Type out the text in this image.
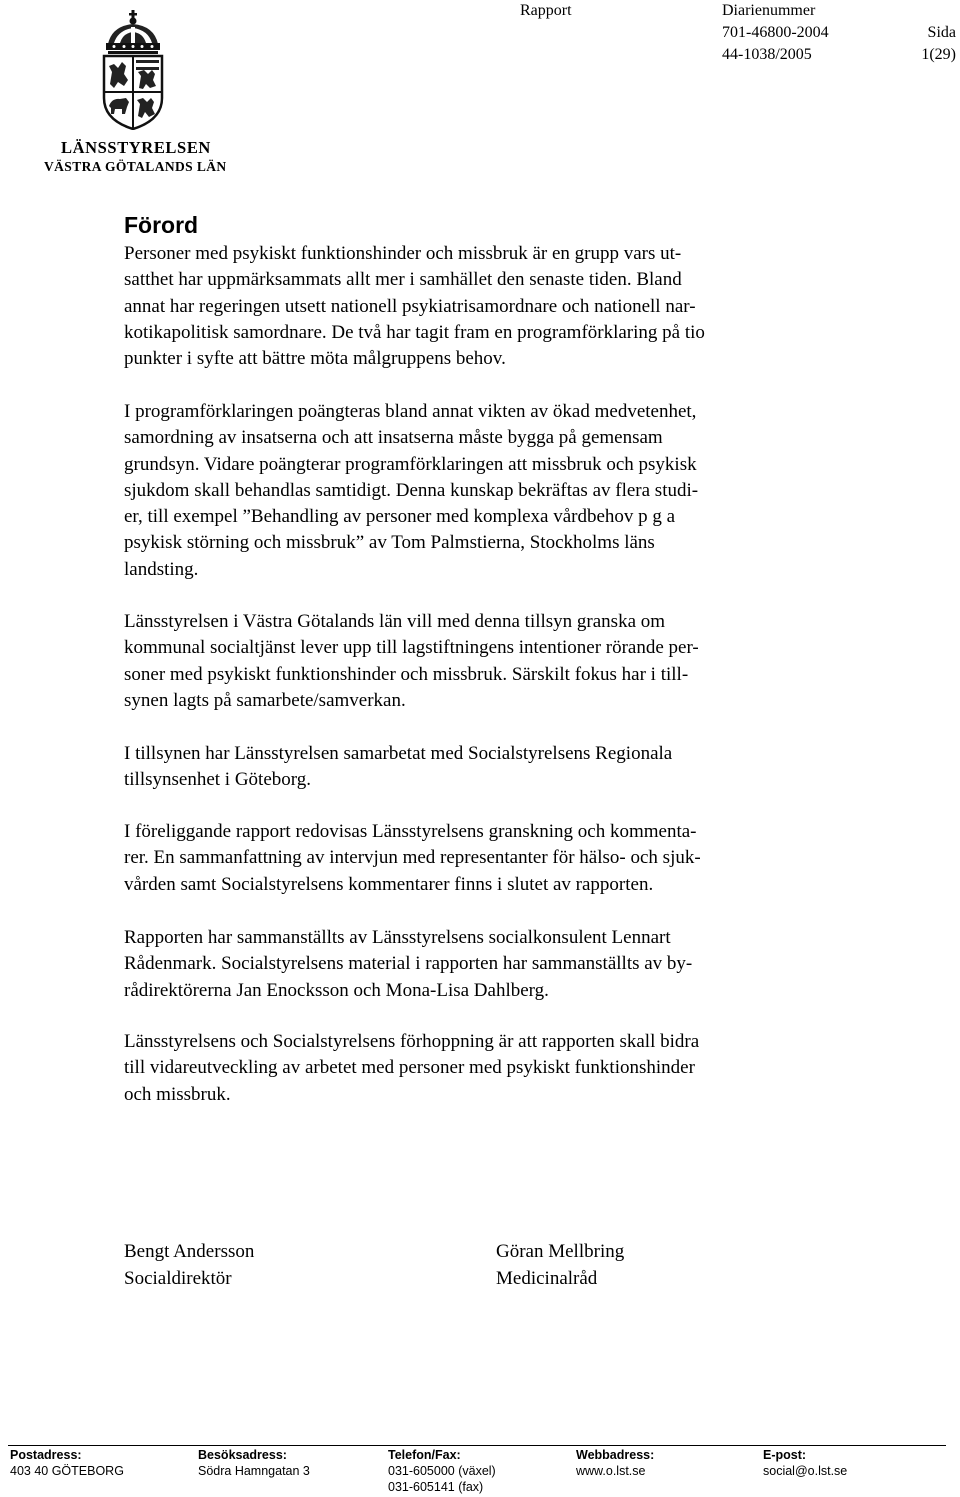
LÄNSSTYRELSEN
VÄSTRA GÖTALANDS LÄN
Rapport	Diarienummer
701-46800-2004
44-1038/2005
Sida
1(29)
Förord
Personer med psykiskt funktionshinder och missbruk är en grupp vars ut-
satthet har uppmärksammats allt mer i samhället den senaste tiden. Bland
annat har regeringen utsett nationell psykiatrisamordnare och nationell nar-
kotikapolitisk samordnare. De två har tagit fram en programförklaring på tio
punkter i syfte att bättre möta målgruppens behov.
I programförklaringen poängteras bland annat vikten av ökad medvetenhet,
samordning av insatserna och att insatserna måste bygga på gemensam
grundsyn. Vidare poängterar programförklaringen att missbruk och psykisk
sjukdom skall behandlas samtidigt. Denna kunskap bekräftas av flera studi-
er, till exempel ”Behandling av personer med komplexa vårdbehov p g a
psykisk störning och missbruk” av Tom Palmstierna, Stockholms läns
landsting.
Länsstyrelsen i Västra Götalands län vill med denna tillsyn granska om
kommunal socialtjänst lever upp till lagstiftningens intentioner rörande per-
soner med psykiskt funktionshinder och missbruk. Särskilt fokus har i till-
synen lagts på samarbete/samverkan.
I tillsynen har Länsstyrelsen samarbetat med Socialstyrelsens Regionala
tillsynsenhet i Göteborg.
I föreliggande rapport redovisas Länsstyrelsens granskning och kommenta-
rer. En sammanfattning av intervjun med representanter för hälso- och sjuk-
vården samt Socialstyrelsens kommentarer finns i slutet av rapporten.
Rapporten har sammanställts av Länsstyrelsens socialkonsulent Lennart
Rådenmark. Socialstyrelsens material i rapporten har sammanställts av by-
rådirektörerna Jan Enocksson och Mona-Lisa Dahlberg.
Länsstyrelsens och Socialstyrelsens förhoppning är att rapporten skall bidra
till vidareutveckling av arbetet med personer med psykiskt funktionshinder
och missbruk.
Bengt Andersson
Socialdirektör
Göran Mellbring
Medicinalråd
Postadress:
403 40 GÖTEBORG
Besöksadress:
Södra Hamngatan 3
Telefon/Fax:
031-605000 (växel)
031-605141 (fax)
Webbadress:
www.o.lst.se
E-post:
social@o.lst.se
